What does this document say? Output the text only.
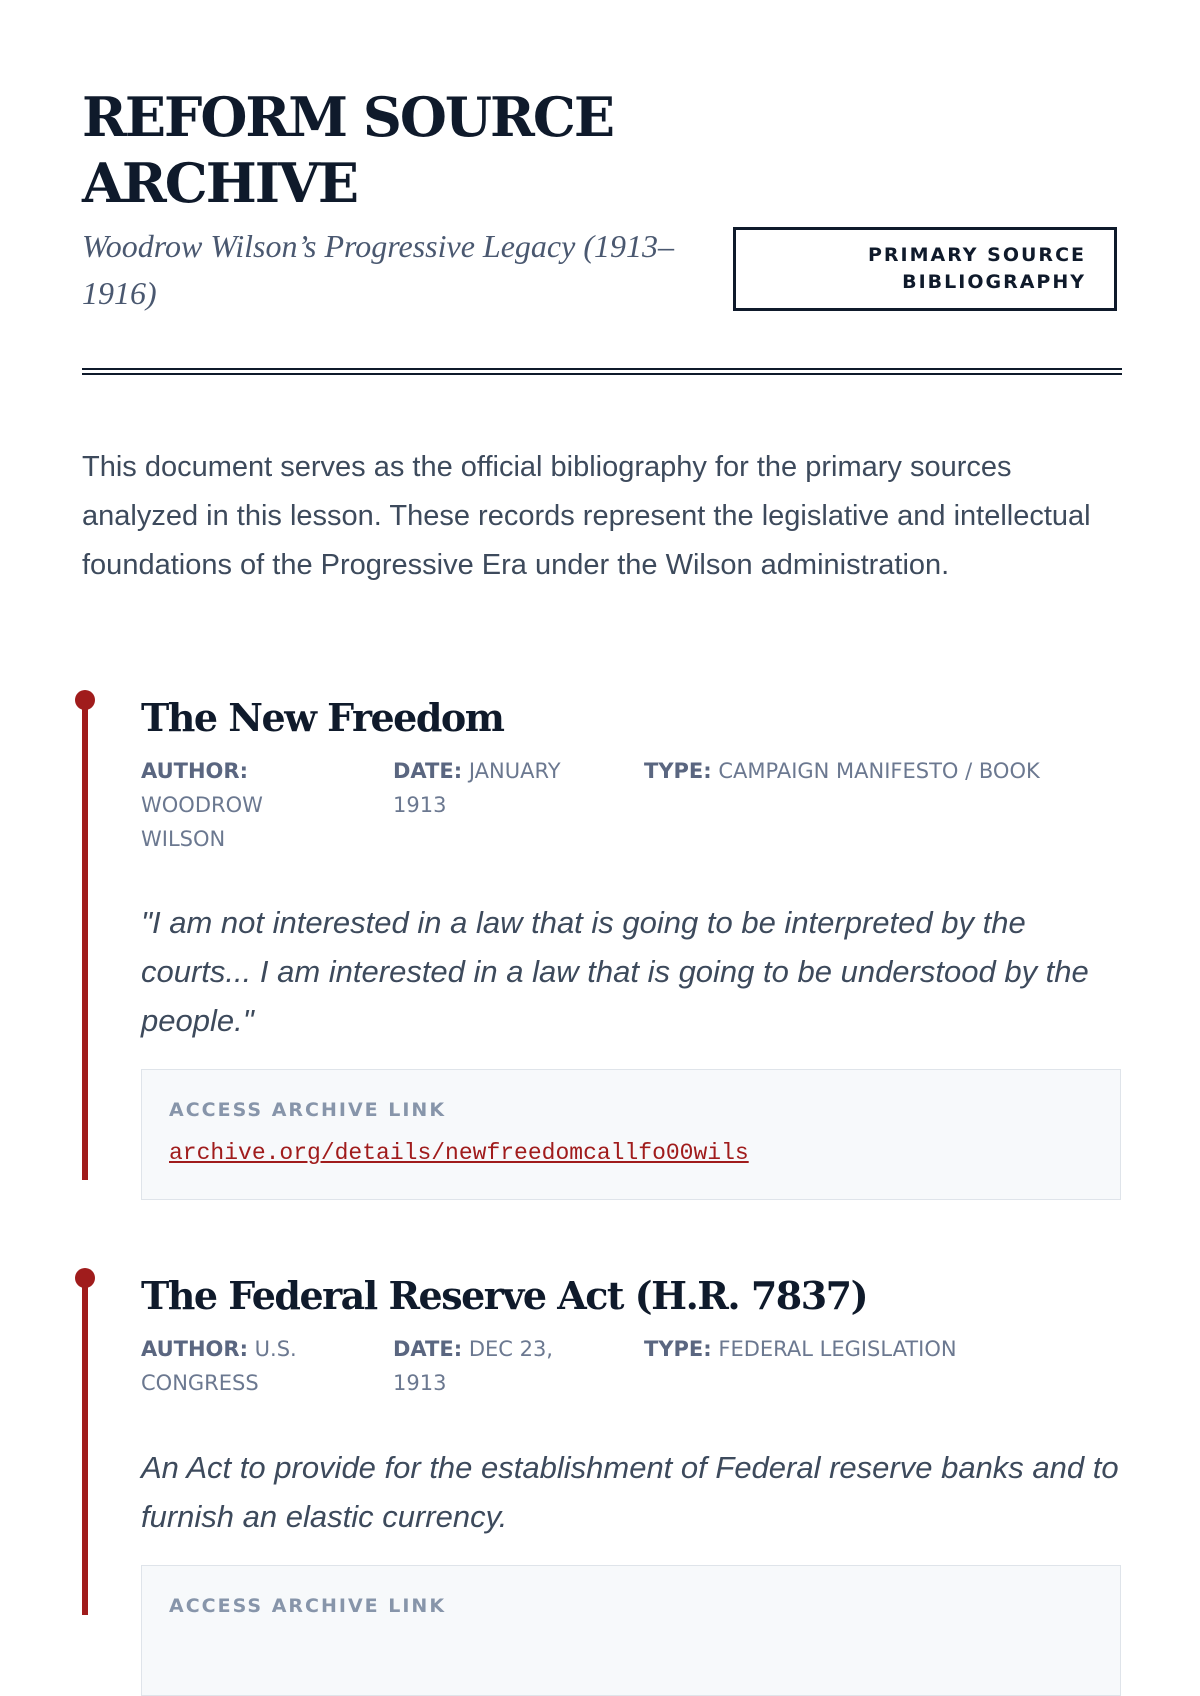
REFORM SOURCE ARCHIVE

Woodrow Wilson’s Progressive Legacy (1913–1916)

PRIMARY SOURCE BIBLIOGRAPHY

This document serves as the official bibliography for the primary sources analyzed in this lesson. These records represent the legislative and intellectual foundations of the Progressive Era under the Wilson administration.

The New Freedom
AUTHOR: WOODROW WILSON
DATE: JANUARY 1913
TYPE: CAMPAIGN MANIFESTO / BOOK

"I am not interested in a law that is going to be interpreted by the courts... I am interested in a law that is going to be understood by the people."

ACCESS ARCHIVE LINK
archive.org/details/newfreedomcallfo00wils
The Federal Reserve Act (H.R. 7837)
AUTHOR: U.S. CONGRESS
DATE: DEC 23, 1913
TYPE: FEDERAL LEGISLATION

An Act to provide for the establishment of Federal reserve banks and to furnish an elastic currency.

ACCESS ARCHIVE LINK
